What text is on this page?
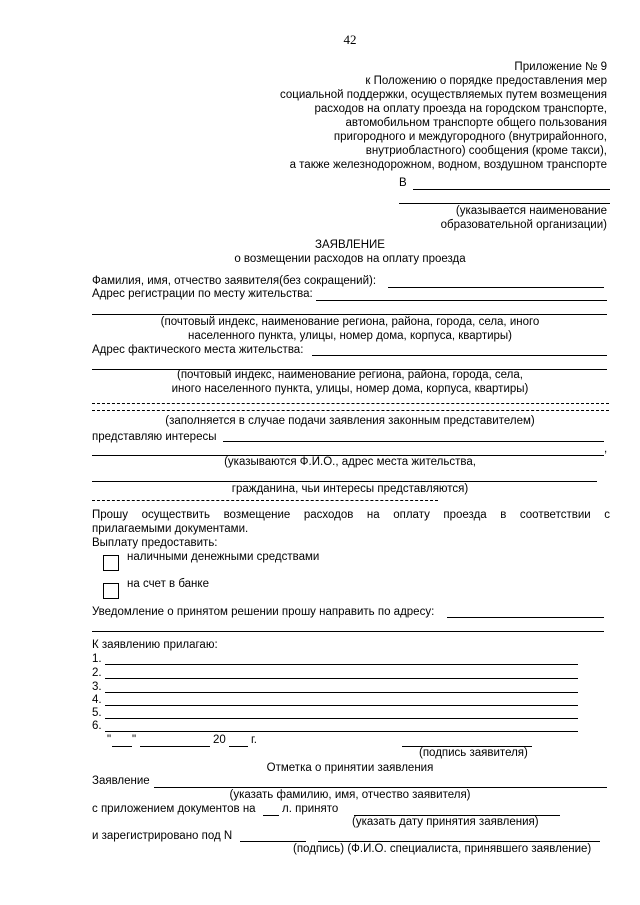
42
Приложение № 9
к Положению о порядке предоставления мер
социальной поддержки, осуществляемых путем возмещения
расходов на оплату проезда на городском транспорте,
автомобильном транспорте общего пользования
пригородного и междугородного (внутрирайонного,
внутриобластного) сообщения (кроме такси),
а также железнодорожном, водном, воздушном транспорте
В
(указывается наименование
образовательной организации)
ЗАЯВЛЕНИЕ
о возмещении расходов на оплату проезда
Фамилия, имя, отчество заявителя(без сокращений):
Адрес регистрации по месту жительства:
(почтовый индекс, наименование региона, района, города, села, иного
населенного пункта, улицы, номер дома, корпуса, квартиры)
Адрес фактического места жительства:
(почтовый индекс, наименование региона, района, города, села,
иного населенного пункта, улицы, номер дома, корпуса, квартиры)
(заполняется в случае подачи заявления законным представителем)
представляю интересы
,
(указываются Ф.И.О., адрес места жительства,
гражданина, чьи интересы представляются)
Прошу осуществить возмещение расходов на оплату проезда в соответствии с
прилагаемыми документами.
Выплату предоставить:
наличными денежными средствами
на счет в банке
Уведомление о принятом решении прошу направить по адресу:
К заявлению прилагаю:
1.
2.
3.
4.
5.
6.
" "	20 г.
(подпись заявителя)
Отметка о принятии заявления
Заявление
(указать фамилию, имя, отчество заявителя)
с приложением документов на л. принято
(указать дату принятия заявления)
и зарегистрировано под N
(подпись) (Ф.И.О. специалиста, принявшего заявление)
